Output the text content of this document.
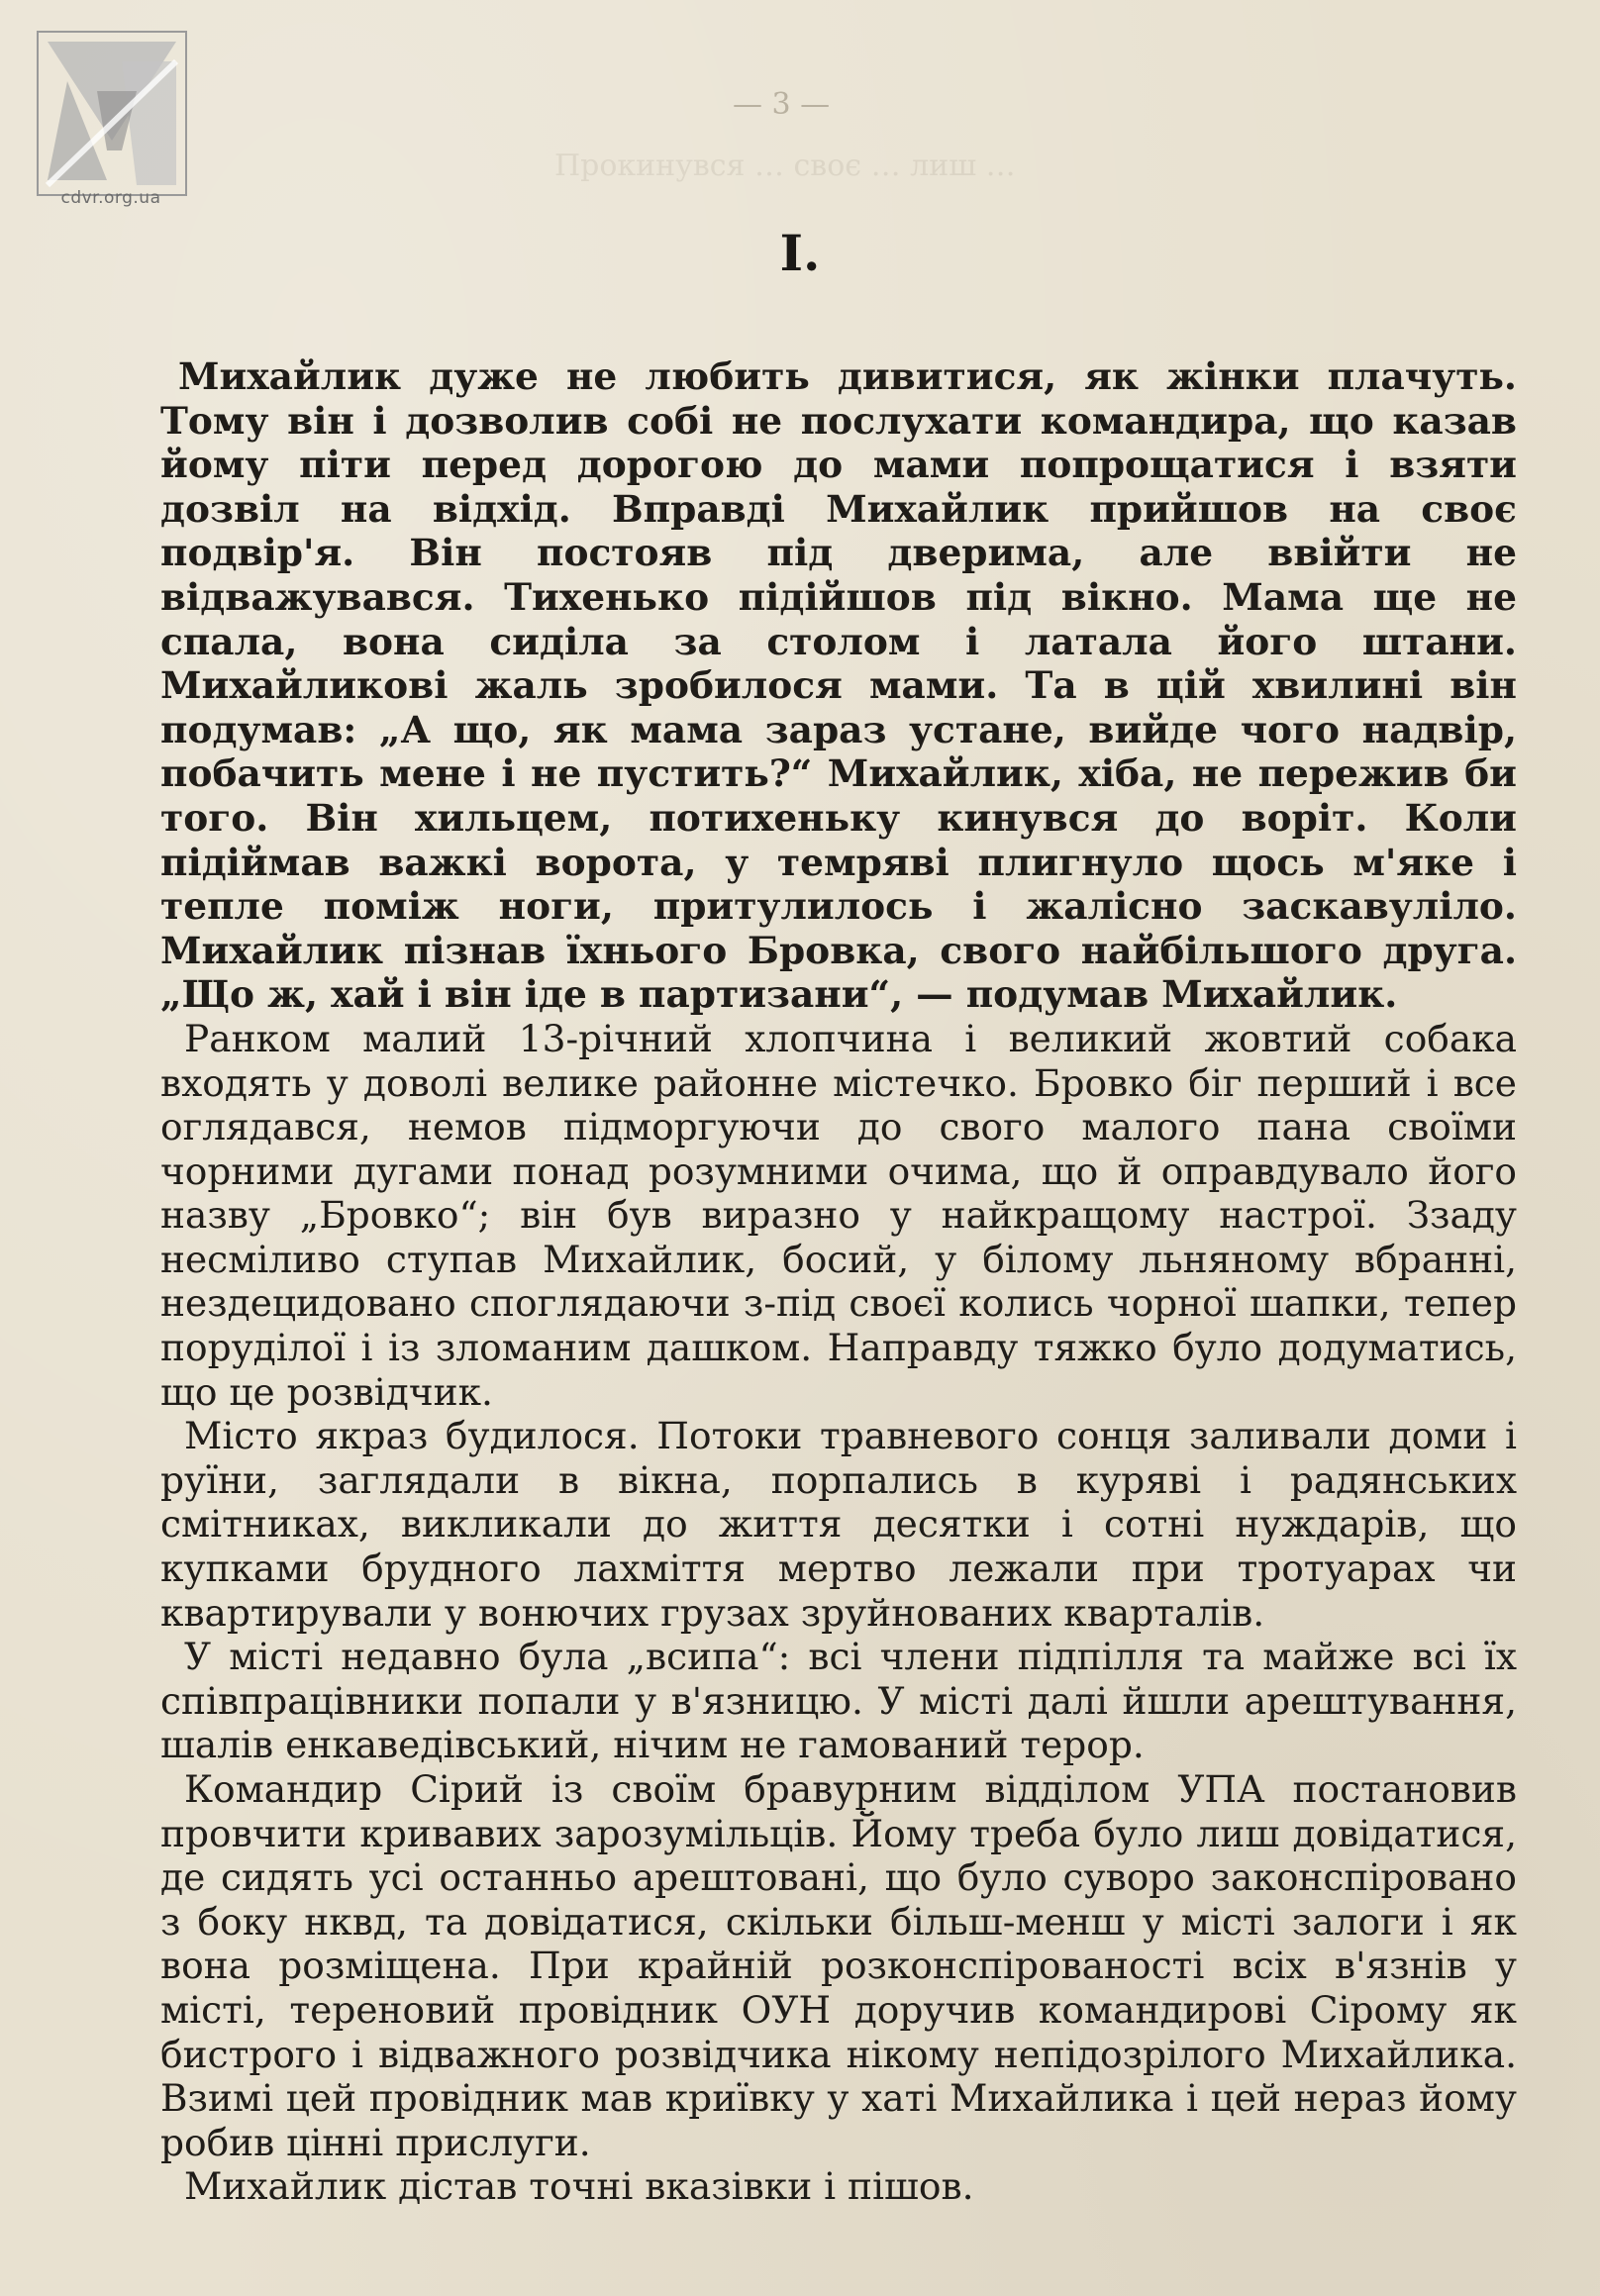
cdvr.org.ua
— 3 —
Прокинувся … своє … лиш …
I.

Михайлик дуже не любить дивитися, як жінки плачуть. Тому він і дозволив собі не послухати командира, що казав йому піти перед дорогою до мами попрощатися і взяти дозвіл на відхід. Вправді Михайлик прийшов на своє подвір'я. Він постояв під дверима, але ввійти не відважувався. Тихенько підійшов під вікно. Мама ще не спала, вона сиділа за столом і латала його штани. Михайликові жаль зробилося мами. Та в цій хвилині він подумав: „А що, як мама зараз устане, вийде чого надвір, побачить мене і не пустить?“ Михайлик, хіба, не пережив би того. Він хильцем, потихеньку кинувся до воріт. Коли підіймав важкі ворота, у темряві плигнуло щось м'яке і тепле поміж ноги, притулилось і жалісно заскавуліло. Михайлик пізнав їхнього Бровка, свого найбільшого друга. „Що ж, хай і він іде в партизани“, — подумав Михайлик.

Ранком малий 13-річний хлопчина і великий жовтий собака входять у доволі велике районне містечко. Бровко біг перший і все оглядався, немов підморгуючи до свого малого пана своїми чорними дугами понад розумними очима, що й оправдувало його назву „Бровко“; він був виразно у найкращому настрої. Ззаду несміливо ступав Михайлик, босий, у білому льняному вбранні, нездецидовано споглядаючи з-під своєї колись чорної шапки, тепер поруділої і із зломаним дашком. Направду тяжко було додуматись, що це розвідчик.

Місто якраз будилося. Потоки травневого сонця заливали доми і руїни, заглядали в вікна, порпались в куряві і радянських смітниках, викликали до життя десятки і сотні нуждарів, що купками брудного лахміття мертво лежали при тротуарах чи квартирували у вонючих грузах зруйнованих кварталів.

У місті недавно була „всипа“: всі члени підпілля та майже всі їх співпрацівники попали у в'язницю. У місті далі йшли арештування, шалів енкаведівський, нічим не гамований терор.

Командир Сірий із своїм бравурним відділом УПА постановив провчити кривавих зарозумільців. Йому треба було лиш довідатися, де сидять усі останньо арештовані, що було суворо законспіровано з боку нквд, та довідатися, скільки більш-менш у місті залоги і як вона розміщена. При крайній розконспірованості всіх в'язнів у місті, тереновий провідник ОУН доручив командирові Сірому як бистрого і відважного розвідчика нікому непідозрілого Михайлика. Взимі цей провідник мав криївку у хаті Михайлика і цей нераз йому робив цінні прислуги.

Михайлик дістав точні вказівки і пішов.
